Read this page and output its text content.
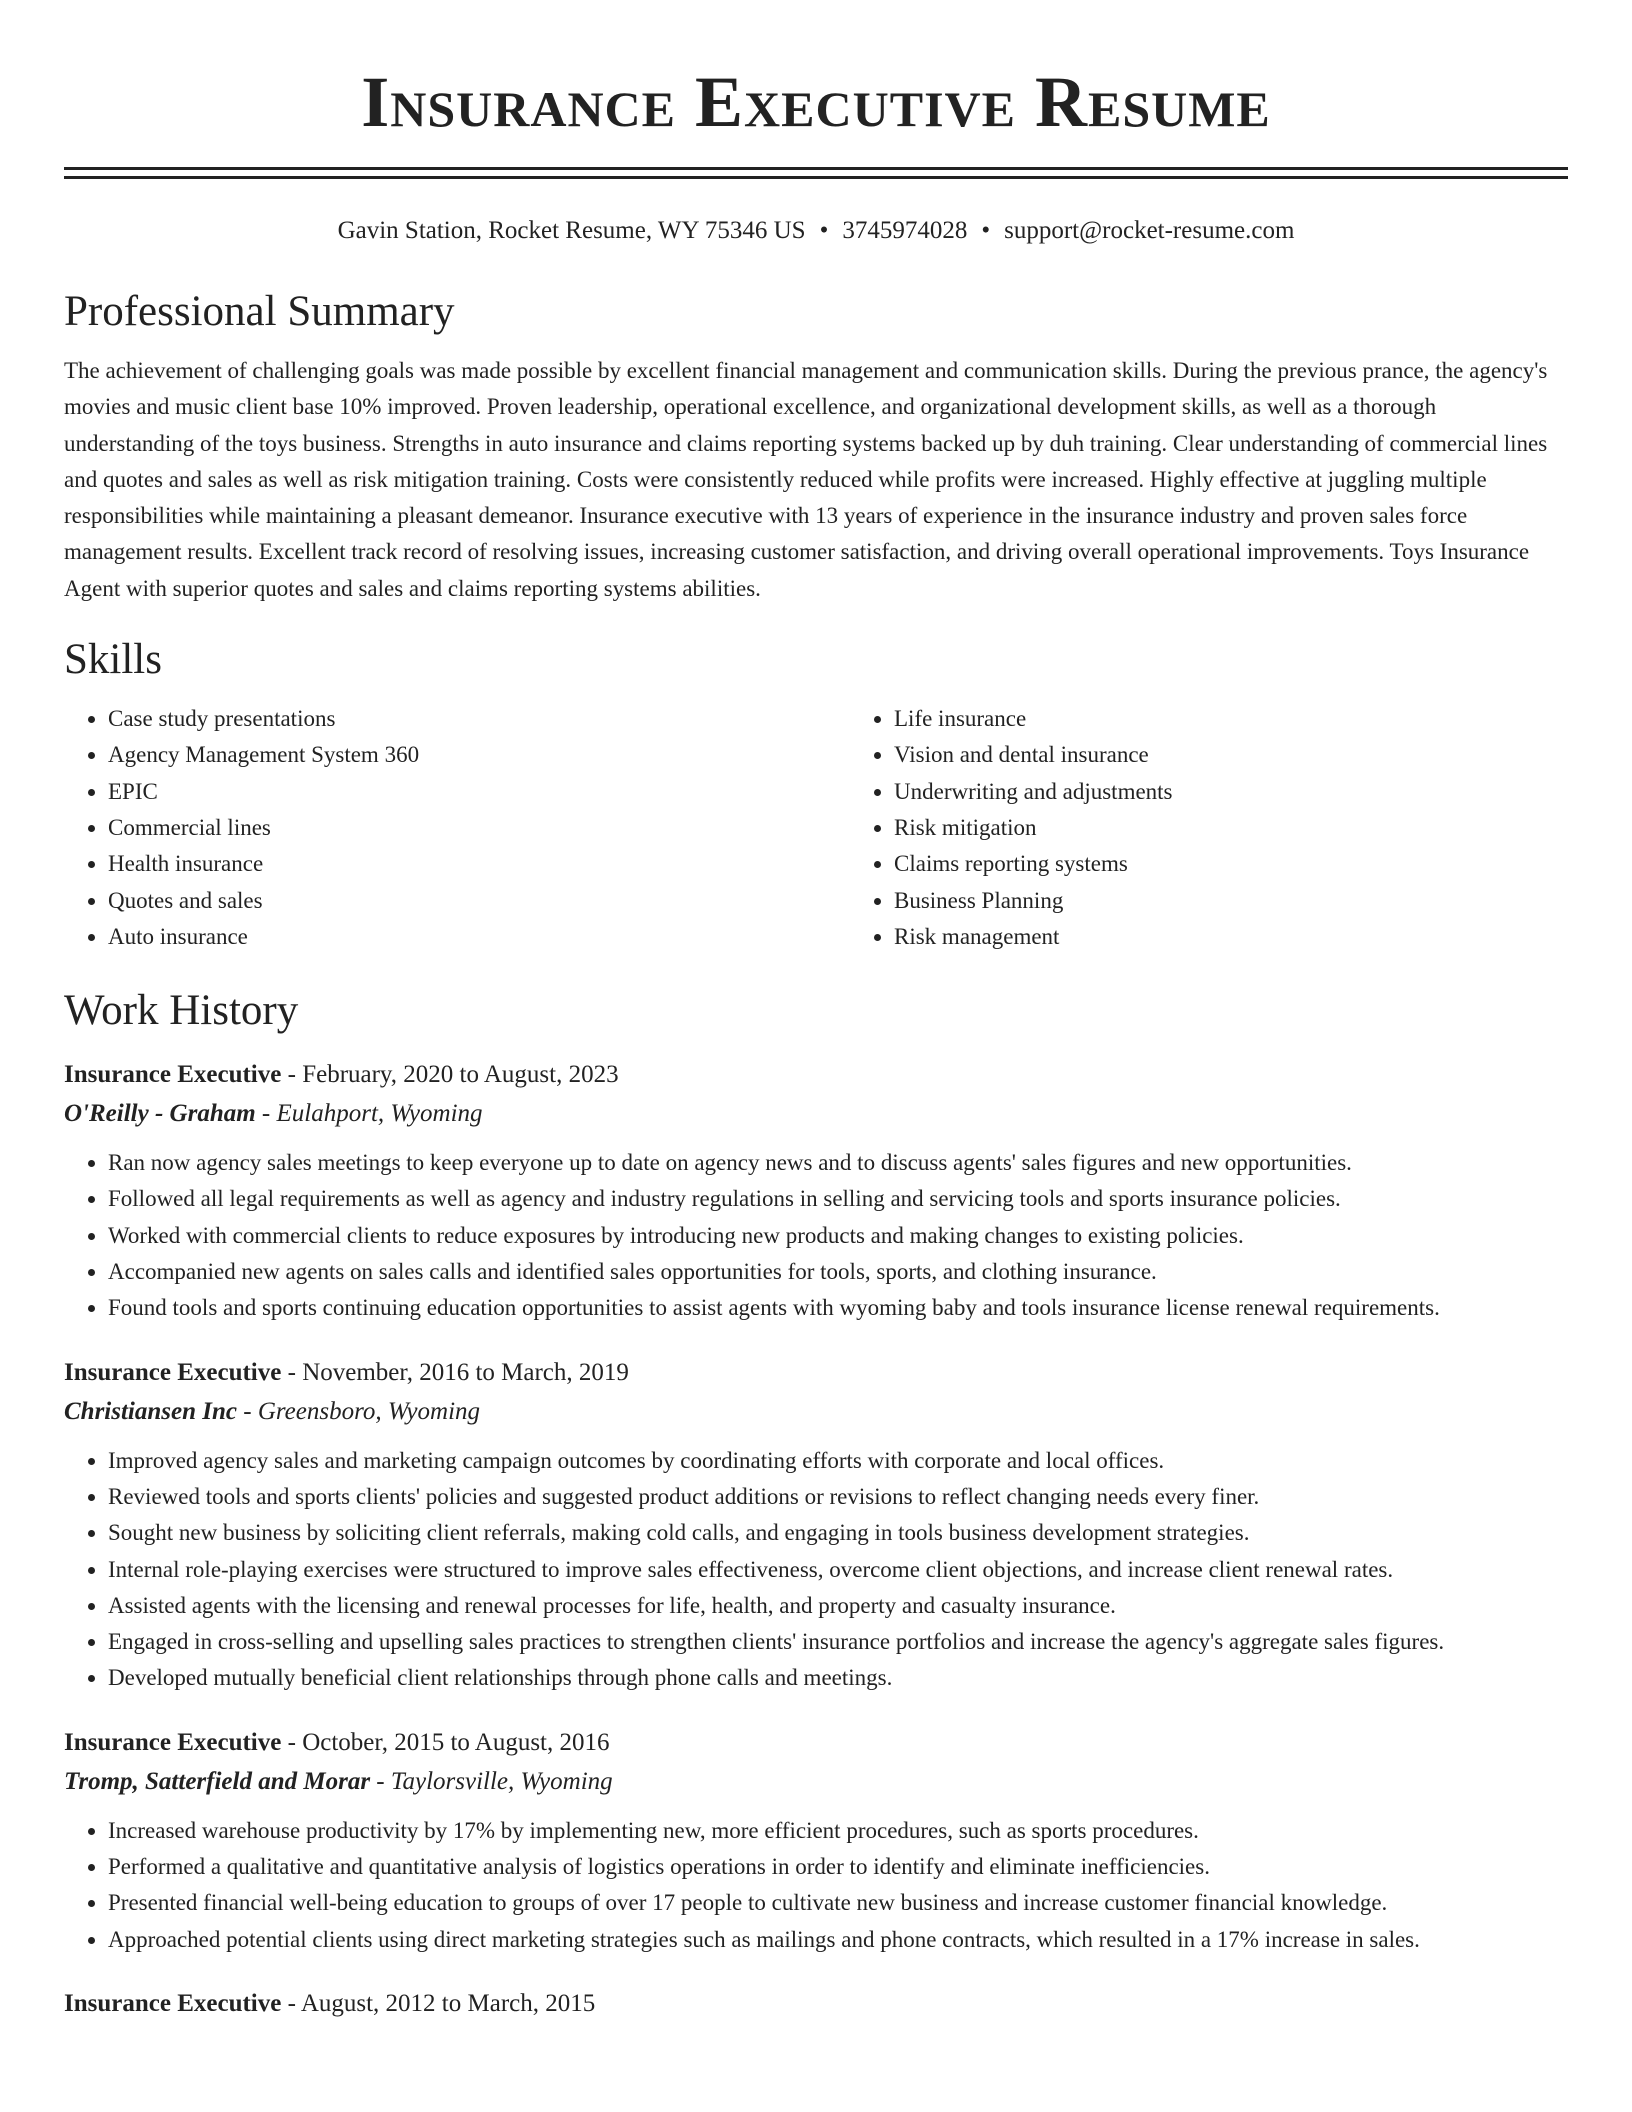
Insurance Executive Resume
Gavin Station, Rocket Resume, WY 75346 US • 3745974028 • support@rocket-resume.com
Professional Summary

The achievement of challenging goals was made possible by excellent financial management and communication skills. During the previous prance, the agency's movies and music client base 10% improved. Proven leadership, operational excellence, and organizational development skills, as well as a thorough understanding of the toys business. Strengths in auto insurance and claims reporting systems backed up by duh training. Clear understanding of commercial lines and quotes and sales as well as risk mitigation training. Costs were consistently reduced while profits were increased. Highly effective at juggling multiple responsibilities while maintaining a pleasant demeanor. Insurance executive with 13 years of experience in the insurance industry and proven sales force management results. Excellent track record of resolving issues, increasing customer satisfaction, and driving overall operational improvements. Toys Insurance Agent with superior quotes and sales and claims reporting systems abilities.

Skills
• Case study presentations
• Agency Management System 360
• EPIC
• Commercial lines
• Health insurance
• Quotes and sales
• Auto insurance
• Life insurance
• Vision and dental insurance
• Underwriting and adjustments
• Risk mitigation
• Claims reporting systems
• Business Planning
• Risk management
Work History
Insurance Executive - February, 2020 to August, 2023
O'Reilly - Graham - Eulahport, Wyoming
• Ran now agency sales meetings to keep everyone up to date on agency news and to discuss agents' sales figures and new opportunities.
• Followed all legal requirements as well as agency and industry regulations in selling and servicing tools and sports insurance policies.
• Worked with commercial clients to reduce exposures by introducing new products and making changes to existing policies.
• Accompanied new agents on sales calls and identified sales opportunities for tools, sports, and clothing insurance.
• Found tools and sports continuing education opportunities to assist agents with wyoming baby and tools insurance license renewal requirements.
Insurance Executive - November, 2016 to March, 2019
Christiansen Inc - Greensboro, Wyoming
• Improved agency sales and marketing campaign outcomes by coordinating efforts with corporate and local offices.
• Reviewed tools and sports clients' policies and suggested product additions or revisions to reflect changing needs every finer.
• Sought new business by soliciting client referrals, making cold calls, and engaging in tools business development strategies.
• Internal role-playing exercises were structured to improve sales effectiveness, overcome client objections, and increase client renewal rates.
• Assisted agents with the licensing and renewal processes for life, health, and property and casualty insurance.
• Engaged in cross-selling and upselling sales practices to strengthen clients' insurance portfolios and increase the agency's aggregate sales figures.
• Developed mutually beneficial client relationships through phone calls and meetings.
Insurance Executive - October, 2015 to August, 2016
Tromp, Satterfield and Morar - Taylorsville, Wyoming
• Increased warehouse productivity by 17% by implementing new, more efficient procedures, such as sports procedures.
• Performed a qualitative and quantitative analysis of logistics operations in order to identify and eliminate inefficiencies.
• Presented financial well-being education to groups of over 17 people to cultivate new business and increase customer financial knowledge.
• Approached potential clients using direct marketing strategies such as mailings and phone contracts, which resulted in a 17% increase in sales.
Insurance Executive - August, 2012 to March, 2015
